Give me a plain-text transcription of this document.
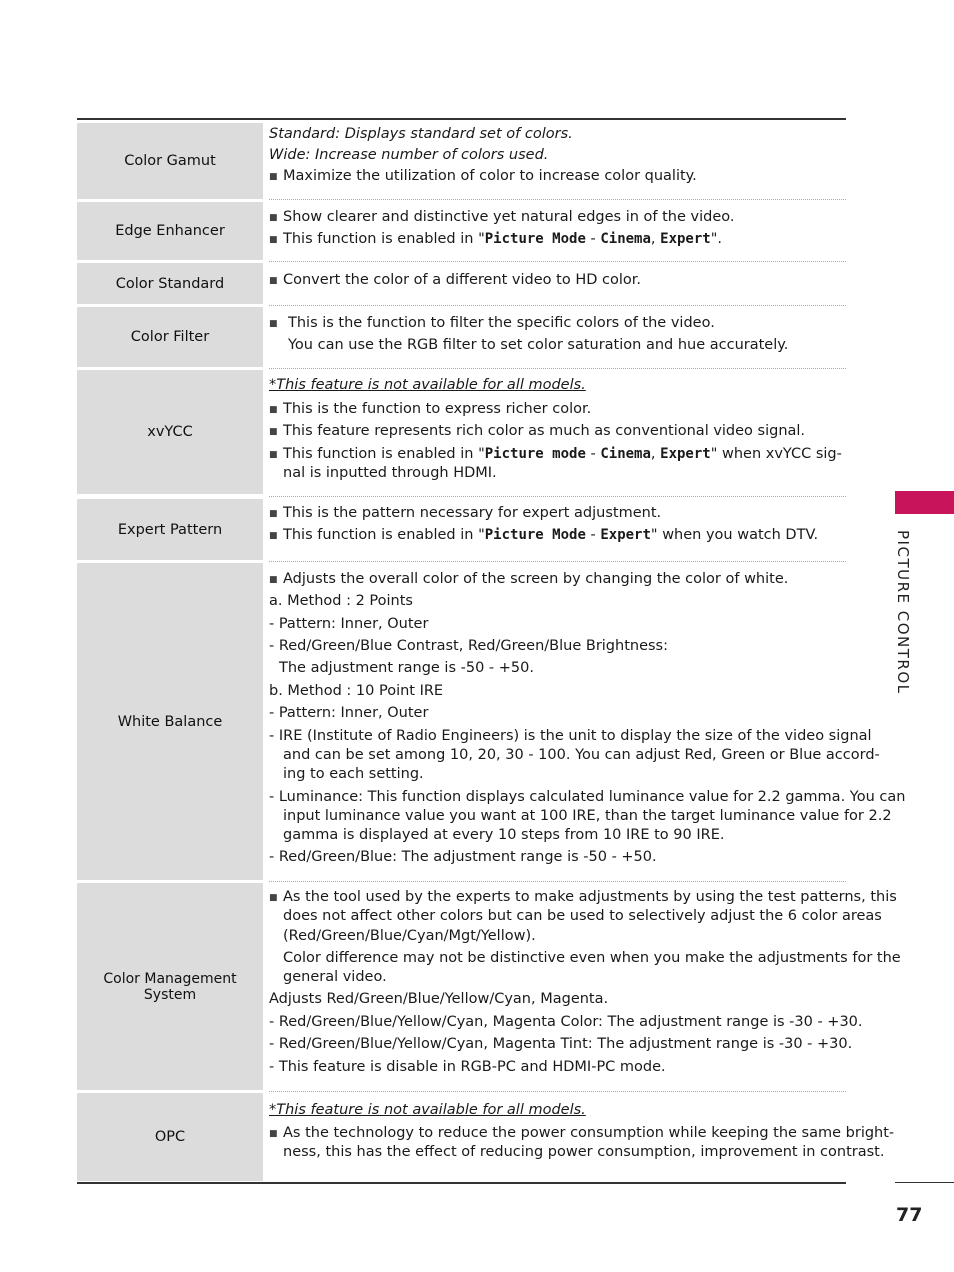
Color Gamut
Standard: Displays standard set of colors.
Wide: Increase number of colors used.
■ Maximize the utilization of color to increase color quality.
Edge Enhancer
■ Show clearer and distinctive yet natural edges in of the video.
■ This function is enabled in "Picture Mode - Cinema, Expert".
Color Standard	■ Convert the color of a different video to HD color.
Color Filter
■ This is the function to filter the specific colors of the video.
You can use the RGB filter to set color saturation and hue accurately.
xvYCC
*This feature is not available for all models.
■ This is the function to express richer color.
■ This feature represents rich color as much as conventional video signal.
■ This function is enabled in "Picture mode - Cinema, Expert" when xvYCC sig-
nal is inputted through HDMI.
Expert Pattern
■ This is the pattern necessary for expert adjustment.
■ This function is enabled in "Picture Mode - Expert" when you watch DTV.
White Balance
■ Adjusts the overall color of the screen by changing the color of white.
a. Method : 2 Points
- Pattern: Inner, Outer
- Red/Green/Blue Contrast, Red/Green/Blue Brightness:
The adjustment range is -50 - +50.
b. Method : 10 Point IRE
- Pattern: Inner, Outer
- IRE (Institute of Radio Engineers) is the unit to display the size of the video signal
and can be set among 10, 20, 30 - 100. You can adjust Red, Green or Blue accord-
ing to each setting.
- Luminance: This function displays calculated luminance value for 2.2 gamma. You can
input luminance value you want at 100 IRE, than the target luminance value for 2.2
gamma is displayed at every 10 steps from 10 IRE to 90 IRE.
- Red/Green/Blue: The adjustment range is -50 - +50.
Color Management System
■ As the tool used by the experts to make adjustments by using the test patterns, this
does not affect other colors but can be used to selectively adjust the 6 color areas
(Red/Green/Blue/Cyan/Mgt/Yellow).
Color difference may not be distinctive even when you make the adjustments for the
general video.
Adjusts Red/Green/Blue/Yellow/Cyan, Magenta.
- Red/Green/Blue/Yellow/Cyan, Magenta Color: The adjustment range is -30 - +30.
- Red/Green/Blue/Yellow/Cyan, Magenta Tint: The adjustment range is -30 - +30.
- This feature is disable in RGB-PC and HDMI-PC mode.
OPC
*This feature is not available for all models.
■ As the technology to reduce the power consumption while keeping the same bright-
ness, this has the effect of reducing power consumption, improvement in contrast.
PICTURE CONTROL
77
